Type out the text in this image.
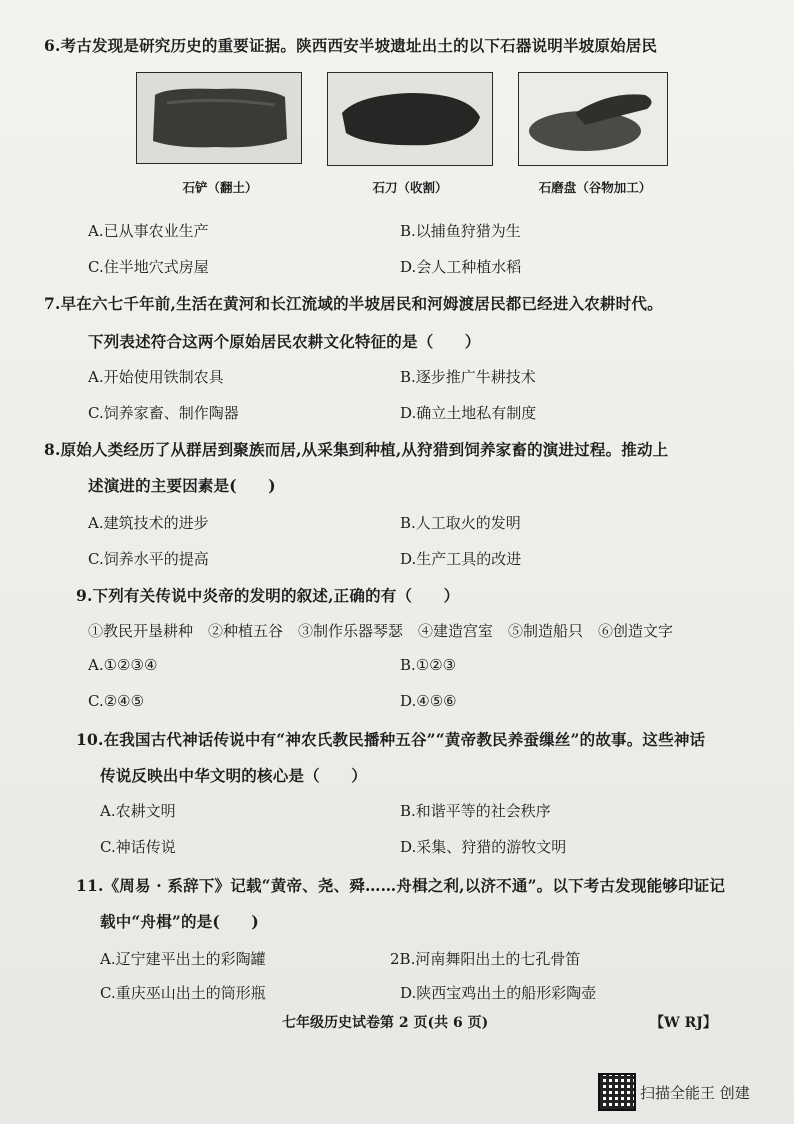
6.考古发现是研究历史的重要证据。陕西西安半坡遗址出土的以下石器说明半坡原始居民
石铲（翻土）	石刀（收割）	石磨盘（谷物加工）
A.已从事农业生产	B.以捕鱼狩猎为生
C.住半地穴式房屋	D.会人工种植水稻
7.早在六七千年前,生活在黄河和长江流域的半坡居民和河姆渡居民都已经进入农耕时代。
下列表述符合这两个原始居民农耕文化特征的是（　　）
A.开始使用铁制农具	B.逐步推广牛耕技术
C.饲养家畜、制作陶器	D.确立土地私有制度
8.原始人类经历了从群居到聚族而居,从采集到种植,从狩猎到饲养家畜的演进过程。推动上
述演进的主要因素是(　　)
A.建筑技术的进步	B.人工取火的发明
C.饲养水平的提高	D.生产工具的改进
9.下列有关传说中炎帝的发明的叙述,正确的有（　　）
①教民开垦耕种　②种植五谷　③制作乐器琴瑟　④建造宫室　⑤制造船只　⑥创造文字
A.①②③④	B.①②③
C.②④⑤	D.④⑤⑥
10.在我国古代神话传说中有“神农氏教民播种五谷”“黄帝教民养蚕缫丝”的故事。这些神话
传说反映出中华文明的核心是（　　）
A.农耕文明	B.和谐平等的社会秩序
C.神话传说	D.采集、狩猎的游牧文明
11.《周易 · 系辞下》记载“黄帝、尧、舜……舟楫之利,以济不通”。以下考古发现能够印证记
载中“舟楫”的是(　　)
A.辽宁建平出土的彩陶罐	2B.河南舞阳出土的七孔骨笛
C.重庆巫山出土的筒形瓶	D.陕西宝鸡出土的船形彩陶壶
七年级历史试卷第 2 页(共 6 页)	【W RJ】
扫描全能王 创建
